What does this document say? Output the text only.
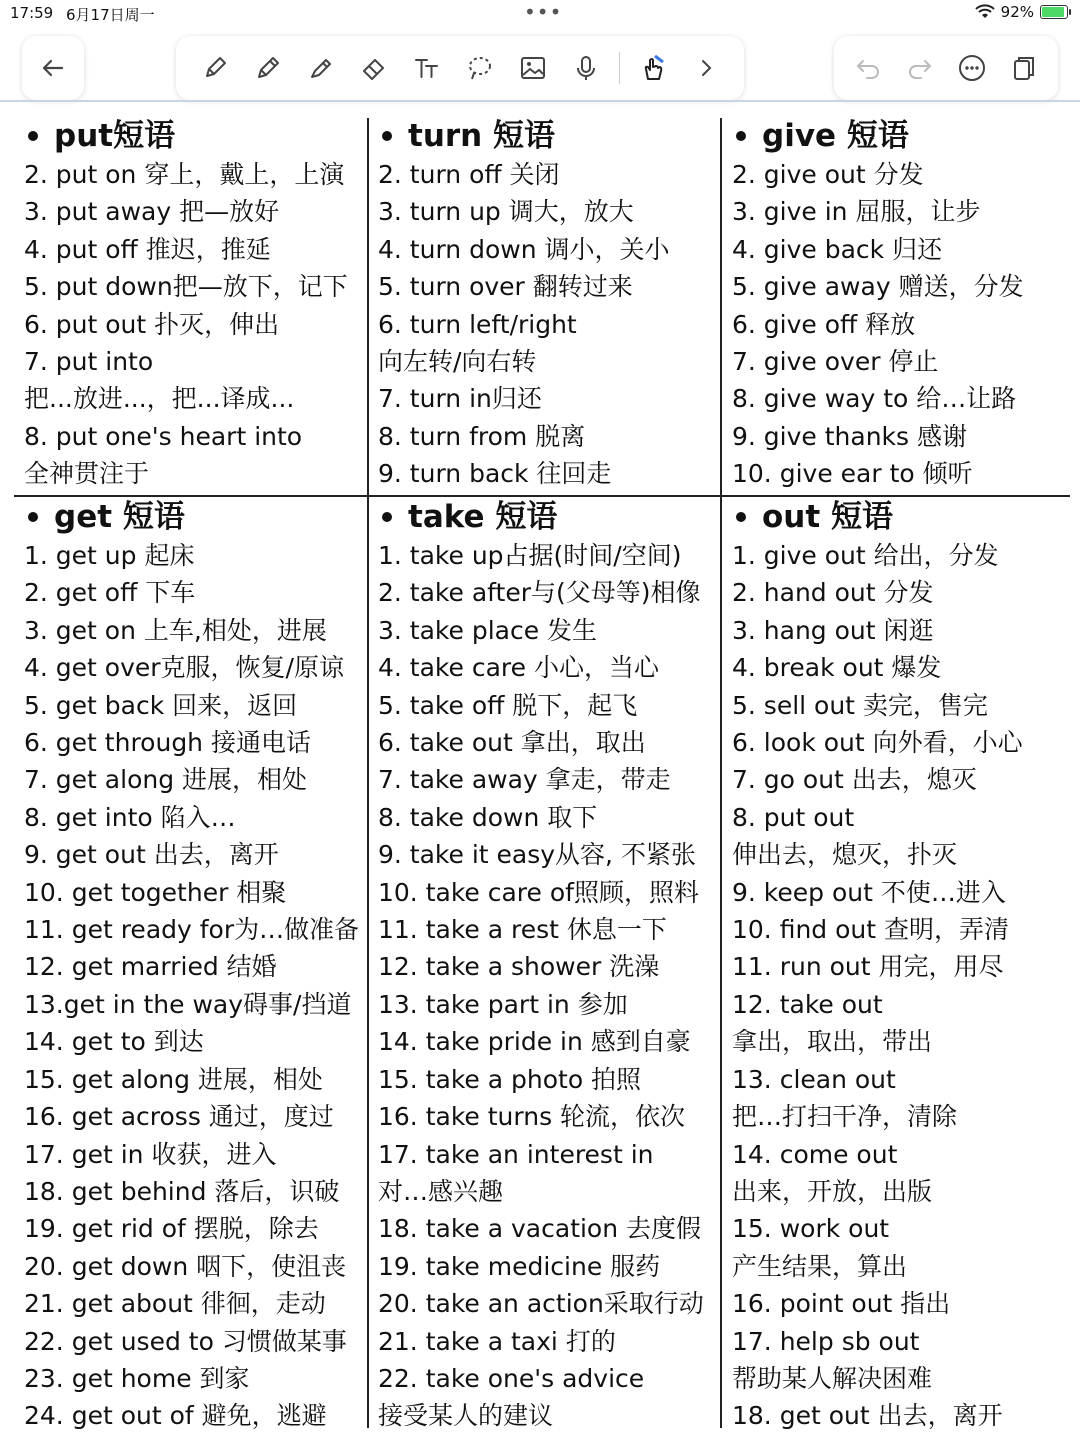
17:59 6月17日周一	•••	92%
put短语
2. put on 穿上，戴上，上演
3. put away 把—放好
4. put off 推迟，推延
5. put down把—放下，记下
6. put out 扑灭，伸出
7. put into
把...放进...，把...译成...
8. put one's heart into
全神贯注于
turn 短语
2. turn off 关闭
3. turn up 调大，放大
4. turn down 调小，关小
5. turn over 翻转过来
6. turn left/right
向左转/向右转
7. turn in归还
8. turn from 脱离
9. turn back 往回走
give 短语
2. give out 分发
3. give in 屈服，让步
4. give back 归还
5. give away 赠送，分发
6. give off 释放
7. give over 停止
8. give way to 给…让路
9. give thanks 感谢
10. give ear to 倾听
get 短语
1. get up 起床
2. get off 下车
3. get on 上车,相处，进展
4. get over克服，恢复/原谅
5. get back 回来，返回
6. get through 接通电话
7. get along 进展，相处
8. get into 陷入…
9. get out 出去，离开
10. get together 相聚
11. get ready for为…做准备
12. get married 结婚
13.get in the way碍事/挡道
14. get to 到达
15. get along 进展，相处
16. get across 通过，度过
17. get in 收获，进入
18. get behind 落后，识破
19. get rid of 摆脱，除去
20. get down 咽下，使沮丧
21. get about 徘徊，走动
22. get used to 习惯做某事
23. get home 到家
24. get out of 避免，逃避
take 短语
1. take up占据(时间/空间)
2. take after与(父母等)相像
3. take place 发生
4. take care 小心，当心
5. take off 脱下，起飞
6. take out 拿出，取出
7. take away 拿走，带走
8. take down 取下
9. take it easy从容, 不紧张
10. take care of照顾，照料
11. take a rest 休息一下
12. take a shower 洗澡
13. take part in 参加
14. take pride in 感到自豪
15. take a photo 拍照
16. take turns 轮流，依次
17. take an interest in
对…感兴趣
18. take a vacation 去度假
19. take medicine 服药
20. take an action采取行动
21. take a taxi 打的
22. take one's advice
接受某人的建议
out 短语
1. give out 给出，分发
2. hand out 分发
3. hang out 闲逛
4. break out 爆发
5. sell out 卖完，售完
6. look out 向外看，小心
7. go out 出去，熄灭
8. put out
伸出去，熄灭，扑灭
9. keep out 不使…进入
10. find out 查明，弄清
11. run out 用完，用尽
12. take out
拿出，取出，带出
13. clean out
把…打扫干净，清除
14. come out
出来，开放，出版
15. work out
产生结果，算出
16. point out 指出
17. help sb out
帮助某人解决困难
18. get out 出去，离开
